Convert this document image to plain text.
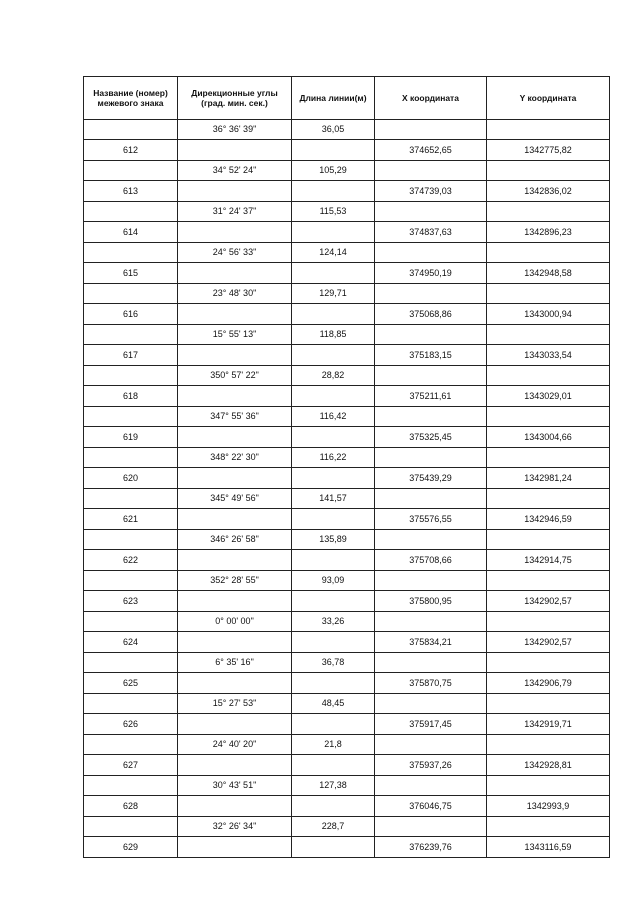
Название (номер) межевого знака	Дирекционные углы (град. мин. сек.)	Длина линии(м)	X координата	Y координата
	36° 36' 39"	36,05		
612			374652,65	1342775,82
	34° 52' 24"	105,29		
613			374739,03	1342836,02
	31° 24' 37"	115,53		
614			374837,63	1342896,23
	24° 56' 33"	124,14		
615			374950,19	1342948,58
	23° 48' 30"	129,71		
616			375068,86	1343000,94
	15° 55' 13"	118,85		
617			375183,15	1343033,54
	350° 57' 22"	28,82		
618			375211,61	1343029,01
	347° 55' 36"	116,42		
619			375325,45	1343004,66
	348° 22' 30"	116,22		
620			375439,29	1342981,24
	345° 49' 56"	141,57		
621			375576,55	1342946,59
	346° 26' 58"	135,89		
622			375708,66	1342914,75
	352° 28' 55"	93,09		
623			375800,95	1342902,57
	0° 00' 00"	33,26		
624			375834,21	1342902,57
	6° 35' 16"	36,78		
625			375870,75	1342906,79
	15° 27' 53"	48,45		
626			375917,45	1342919,71
	24° 40' 20"	21,8		
627			375937,26	1342928,81
	30° 43' 51"	127,38		
628			376046,75	1342993,9
	32° 26' 34"	228,7		
629			376239,76	1343116,59
